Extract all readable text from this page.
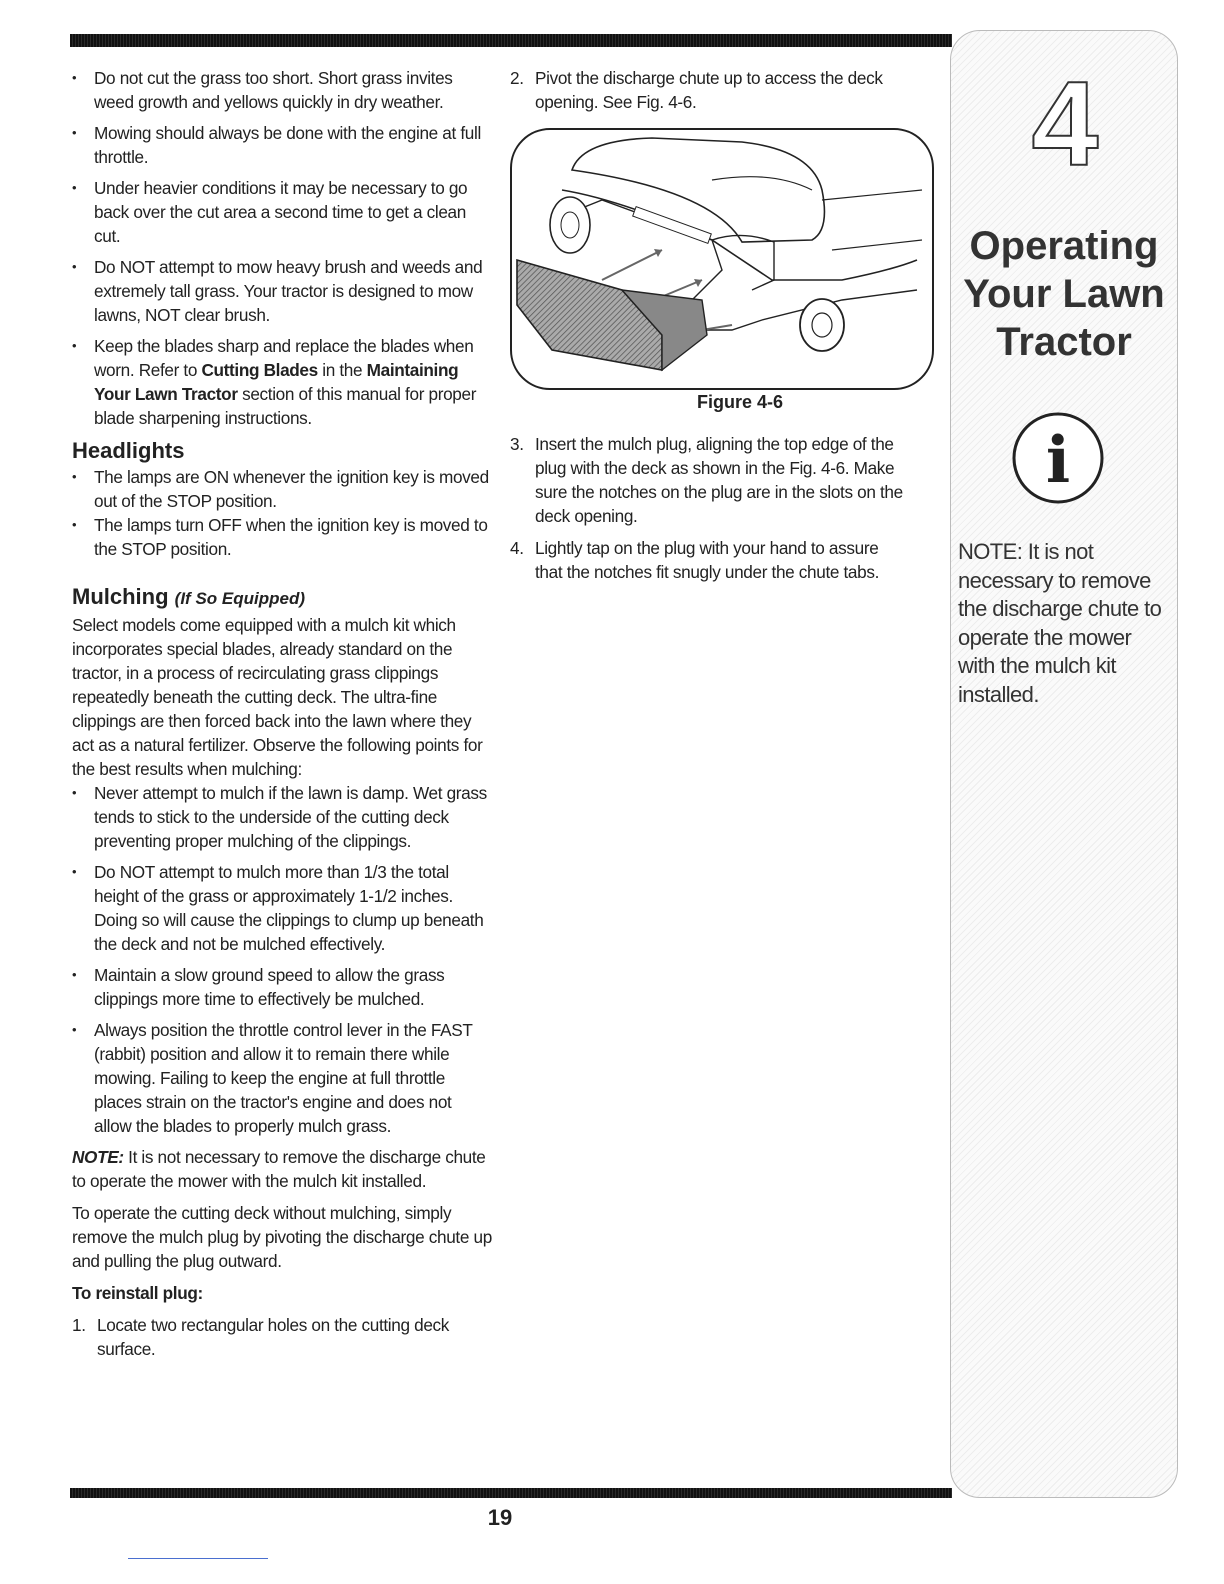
• Do not cut the grass too short. Short grass invites weed growth and yellows quickly in dry weather.
• Mowing should always be done with the engine at full throttle.
• Under heavier conditions it may be necessary to go back over the cut area a second time to get a clean cut.
• Do NOT attempt to mow heavy brush and weeds and extremely tall grass. Your tractor is designed to mow lawns, NOT clear brush.
• Keep the blades sharp and replace the blades when worn. Refer to Cutting Blades in the Maintaining Your Lawn Tractor section of this manual for proper blade sharpening instructions.
Headlights
• The lamps are ON whenever the ignition key is moved out of the STOP position.
• The lamps turn OFF when the ignition key is moved to the STOP position.
Mulching (If So Equipped)

Select models come equipped with a mulch kit which incorporates special blades, already standard on the tractor, in a process of recirculating grass clippings repeatedly beneath the cutting deck. The ultra-fine clippings are then forced back into the lawn where they act as a natural fertilizer. Observe the following points for the best results when mulching:

• Never attempt to mulch if the lawn is damp. Wet grass tends to stick to the underside of the cutting deck preventing proper mulching of the clippings.
• Do NOT attempt to mulch more than 1/3 the total height of the grass or approximately 1-1/2 inches. Doing so will cause the clippings to clump up beneath the deck and not be mulched effectively.
• Maintain a slow ground speed to allow the grass clippings more time to effectively be mulched.
• Always position the throttle control lever in the FAST (rabbit) position and allow it to remain there while mowing. Failing to keep the engine at full throttle places strain on the tractor's engine and does not allow the blades to properly mulch grass.

NOTE: It is not necessary to remove the discharge chute to operate the mower with the mulch kit installed.

To operate the cutting deck without mulching, simply remove the mulch plug by pivoting the discharge chute up and pulling the plug outward.

To reinstall plug:
1. Locate two rectangular holes on the cutting deck surface.
2. Pivot the discharge chute up to access the deck opening. See Fig. 4-6.
Figure 4-6
3. Insert the mulch plug, aligning the top edge of the plug with the deck as shown in the Fig. 4-6. Make sure the notches on the plug are in the slots on the deck opening.
4. Lightly tap on the plug with your hand to assure that the notches fit snugly under the chute tabs.
4
Operating
Your Lawn
Tractor
i
NOTE: It is not necessary to remove the discharge chute to operate the mower with the mulch kit installed.
19
